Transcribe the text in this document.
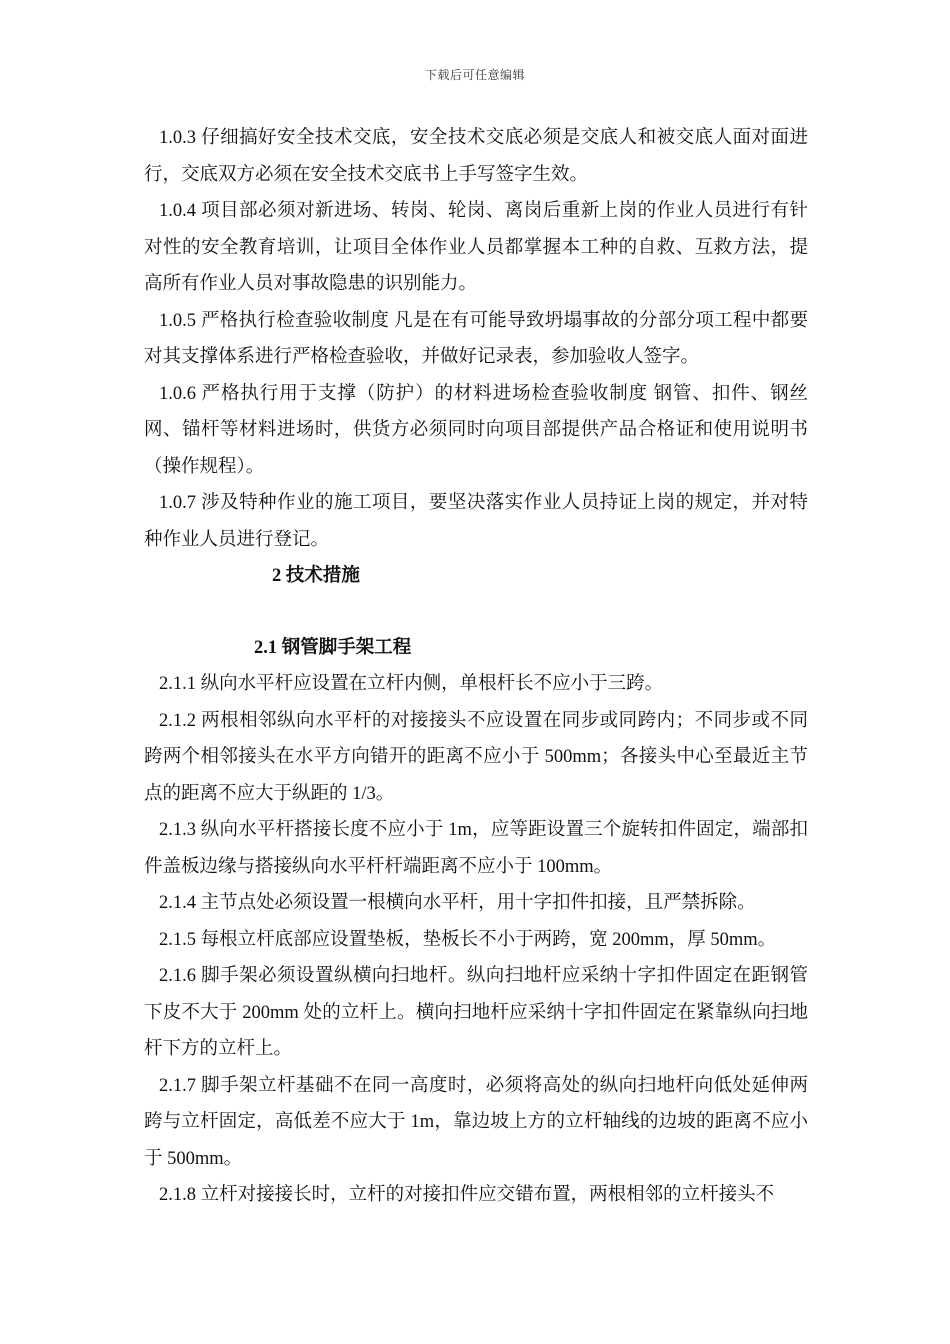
下载后可任意编辑

1.0.3 仔细搞好安全技术交底，安全技术交底必须是交底人和被交底人面对面进行，交底双方必须在安全技术交底书上手写签字生效。

1.0.4 项目部必须对新进场、转岗、轮岗、离岗后重新上岗的作业人员进行有针对性的安全教育培训，让项目全体作业人员都掌握本工种的自救、互救方法，提高所有作业人员对事故隐患的识别能力。

1.0.5 严格执行检查验收制度 凡是在有可能导致坍塌事故的分部分项工程中都要对其支撑体系进行严格检查验收，并做好记录表，参加验收人签字。

1.0.6 严格执行用于支撑（防护）的材料进场检查验收制度 钢管、扣件、钢丝网、锚杆等材料进场时，供货方必须同时向项目部提供产品合格证和使用说明书（操作规程）。

1.0.7 涉及特种作业的施工项目，要坚决落实作业人员持证上岗的规定，并对特种作业人员进行登记。

2 技术措施
2.1 钢管脚手架工程

2.1.1 纵向水平杆应设置在立杆内侧，单根杆长不应小于三跨。

2.1.2 两根相邻纵向水平杆的对接接头不应设置在同步或同跨内；不同步或不同跨两个相邻接头在水平方向错开的距离不应小于 500mm；各接头中心至最近主节点的距离不应大于纵距的 1/3。

2.1.3 纵向水平杆搭接长度不应小于 1m，应等距设置三个旋转扣件固定，端部扣件盖板边缘与搭接纵向水平杆杆端距离不应小于 100mm。

2.1.4 主节点处必须设置一根横向水平杆，用十字扣件扣接，且严禁拆除。

2.1.5 每根立杆底部应设置垫板，垫板长不小于两跨，宽 200mm，厚 50mm。

2.1.6 脚手架必须设置纵横向扫地杆。纵向扫地杆应采纳十字扣件固定在距钢管下皮不大于 200mm 处的立杆上。横向扫地杆应采纳十字扣件固定在紧靠纵向扫地杆下方的立杆上。

2.1.7 脚手架立杆基础不在同一高度时，必须将高处的纵向扫地杆向低处延伸两跨与立杆固定，高低差不应大于 1m，靠边坡上方的立杆轴线的边坡的距离不应小于 500mm。

2.1.8 立杆对接接长时，立杆的对接扣件应交错布置，两根相邻的立杆接头不
